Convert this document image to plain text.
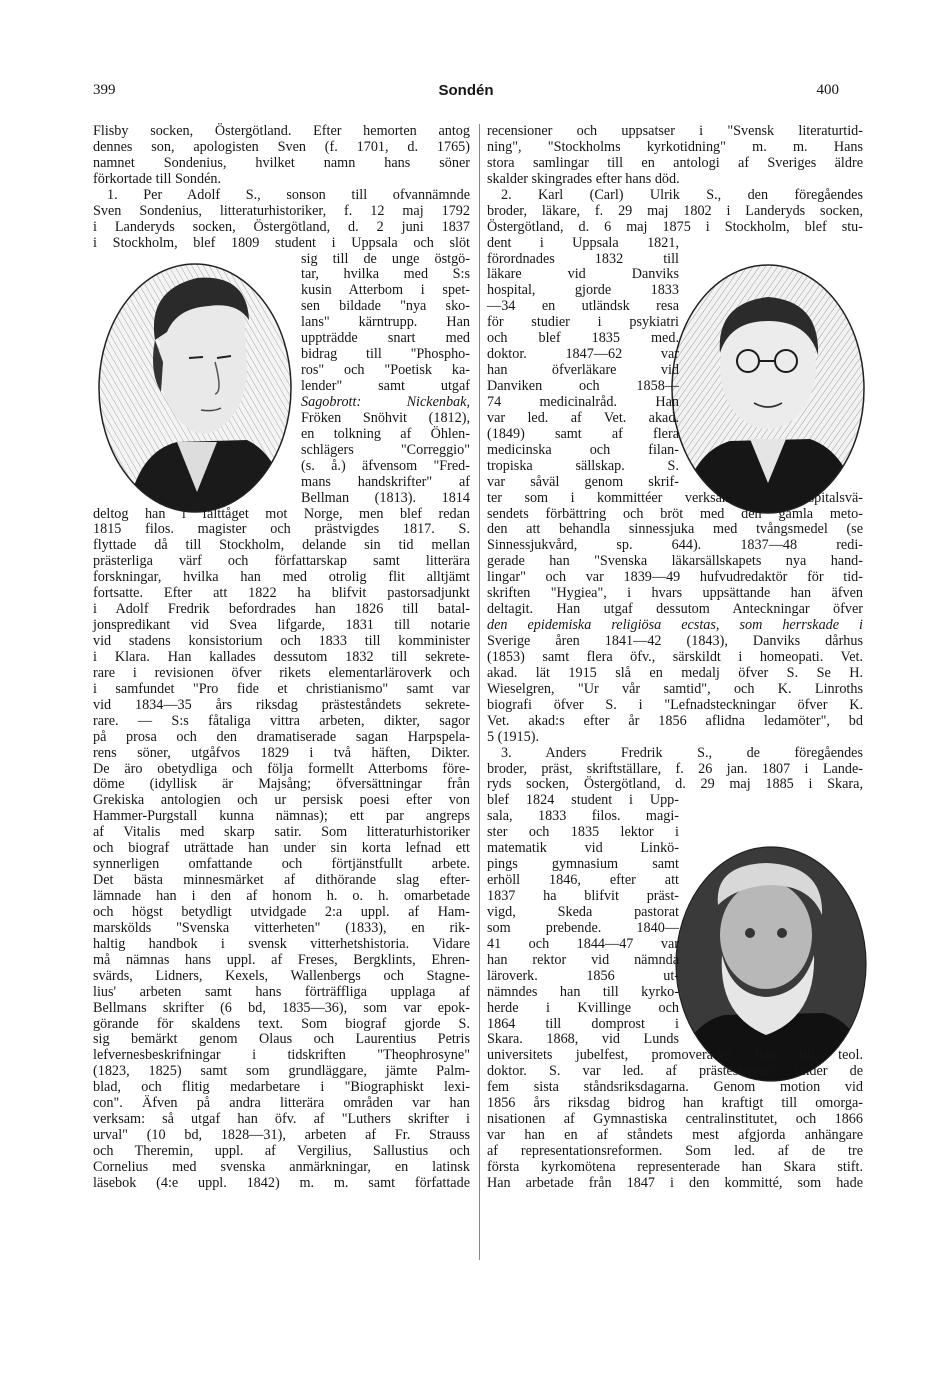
399	Sondén	400
Flisby socken, Östergötland. Efter hemorten antog
dennes son, apologisten Sven (f. 1701, d. 1765)
namnet Sondenius, hvilket namn hans söner
förkortade till Sondén.
1. Per Adolf S., sonson till ofvannämnde
Sven Sondenius, litteraturhistoriker, f. 12 maj 1792
i Landeryds socken, Östergötland, d. 2 juni 1837
i Stockholm, blef 1809 student i Uppsala och slöt
sig till de unge östgö-
tar, hvilka med S:s
kusin Atterbom i spet-
sen bildade "nya sko-
lans" kärntrupp. Han
uppträdde snart med
bidrag till "Phospho-
ros" och "Poetisk ka-
lender" samt utgaf
Sagobrott: Nickenbak,
Fröken Snöhvit (1812),
en tolkning af Öhlen-
schlägers "Correggio"
(s. å.) äfvensom "Fred-
mans handskrifter" af
Bellman (1813). 1814
deltog han i fälttåget mot Norge, men blef redan
1815 filos. magister och prästvigdes 1817. S.
flyttade då till Stockholm, delande sin tid mellan
prästerliga värf och författarskap samt litterära
forskningar, hvilka han med otrolig flit alltjämt
fortsatte. Efter att 1822 ha blifvit pastorsadjunkt
i Adolf Fredrik befordrades han 1826 till batal-
jonspredikant vid Svea lifgarde, 1831 till notarie
vid stadens konsistorium och 1833 till komminister
i Klara. Han kallades dessutom 1832 till sekrete-
rare i revisionen öfver rikets elementarläroverk och
i samfundet "Pro fide et christianismo" samt var
vid 1834—35 års riksdag prästeståndets sekrete-
rare. — S:s fåtaliga vittra arbeten, dikter, sagor
på prosa och den dramatiserade sagan Harpspela-
rens söner, utgåfvos 1829 i två häften, Dikter.
De äro obetydliga och följa formellt Atterboms före-
döme (idyllisk är Majsång; öfversättningar från
Grekiska antologien och ur persisk poesi efter von
Hammer-Purgstall kunna nämnas); ett par angreps
af Vitalis med skarp satir. Som litteraturhistoriker
och biograf uträttade han under sin korta lefnad ett
synnerligen omfattande och förtjänstfullt arbete.
Det bästa minnesmärket af dithörande slag efter-
lämnade han i den af honom h. o. h. omarbetade
och högst betydligt utvidgade 2:a uppl. af Ham-
marskölds "Svenska vitterheten" (1833), en rik-
haltig handbok i svensk vitterhetshistoria. Vidare
må nämnas hans uppl. af Freses, Bergklints, Ehren-
svärds, Lidners, Kexels, Wallenbergs och Stagne-
lius' arbeten samt hans förträffliga upplaga af
Bellmans skrifter (6 bd, 1835—36), som var epok-
görande för skaldens text. Som biograf gjorde S.
sig bemärkt genom Olaus och Laurentius Petris
lefvernesbeskrifningar i tidskriften "Theophrosyne"
(1823, 1825) samt som grundläggare, jämte Palm-
blad, och flitig medarbetare i "Biographiskt lexi-
con". Äfven på andra litterära områden var han
verksam: så utgaf han öfv. af "Luthers skrifter i
urval" (10 bd, 1828—31), arbeten af Fr. Strauss
och Theremin, uppl. af Vergilius, Sallustius och
Cornelius med svenska anmärkningar, en latinsk
läsebok (4:e uppl. 1842) m. m. samt författade
recensioner och uppsatser i "Svensk literaturtid-
ning", "Stockholms kyrkotidning" m. m. Hans
stora samlingar till en antologi af Sveriges äldre
skalder skingrades efter hans död.
2. Karl (Carl) Ulrik S., den föregåendes
broder, läkare, f. 29 maj 1802 i Landeryds socken,
Östergötland, d. 6 maj 1875 i Stockholm, blef stu-
dent i Uppsala 1821,
förordnades 1832 till
läkare vid Danviks
hospital, gjorde 1833
—34 en utländsk resa
för studier i psykiatri
och blef 1835 med.
doktor. 1847—62 var
han öfverläkare vid
Danviken och 1858—
74 medicinalråd. Han
var led. af Vet. akad.
(1849) samt af flera
medicinska och filan-
tropiska sällskap. S.
var såväl genom skrif-
ter som i kommittéer verksam för hospitalsvä-
sendets förbättring och bröt med den gamla meto-
den att behandla sinnessjuka med tvångsmedel (se
Sinnessjukvård, sp. 644). 1837—48 redi-
gerade han "Svenska läkarsällskapets nya hand-
lingar" och var 1839—49 hufvudredaktör för tid-
skriften "Hygiea", i hvars uppsättande han äfven
deltagit. Han utgaf dessutom Anteckningar öfver
den epidemiska religiösa ecstas, som herrskade i
Sverige åren 1841—42 (1843), Danviks dårhus
(1853) samt flera öfv., särskildt i homeopati. Vet.
akad. lät 1915 slå en medalj öfver S. Se H.
Wieselgren, "Ur vår samtid", och K. Linroths
biografi öfver S. i "Lefnadsteckningar öfver K.
Vet. akad:s efter år 1856 aflidna ledamöter", bd
5 (1915).
3. Anders Fredrik S., de föregåendes
broder, präst, skriftställare, f. 26 jan. 1807 i Lande-
ryds socken, Östergötland, d. 29 maj 1885 i Skara,
blef 1824 student i Upp-
sala, 1833 filos. magi-
ster och 1835 lektor i
matematik vid Linkö-
pings gymnasium samt
erhöll 1846, efter att
1837 ha blifvit präst-
vigd, Skeda pastorat
som prebende. 1840—
41 och 1844—47 var
han rektor vid nämnda
läroverk. 1856 ut-
nämndes han till kyrko-
herde i Kvillinge och
1864 till domprost i
Skara. 1868, vid Lunds
universitets jubelfest, promoverades han till teol.
doktor. S. var led. af prästeståndet under de
fem sista ståndsriksdagarna. Genom motion vid
1856 års riksdag bidrog han kraftigt till omorga-
nisationen af Gymnastiska centralinstitutet, och 1866
var han en af ståndets mest afgjorda anhängare
af representationsreformen. Som led. af de tre
första kyrkomötena representerade han Skara stift.
Han arbetade från 1847 i den kommitté, som hade
